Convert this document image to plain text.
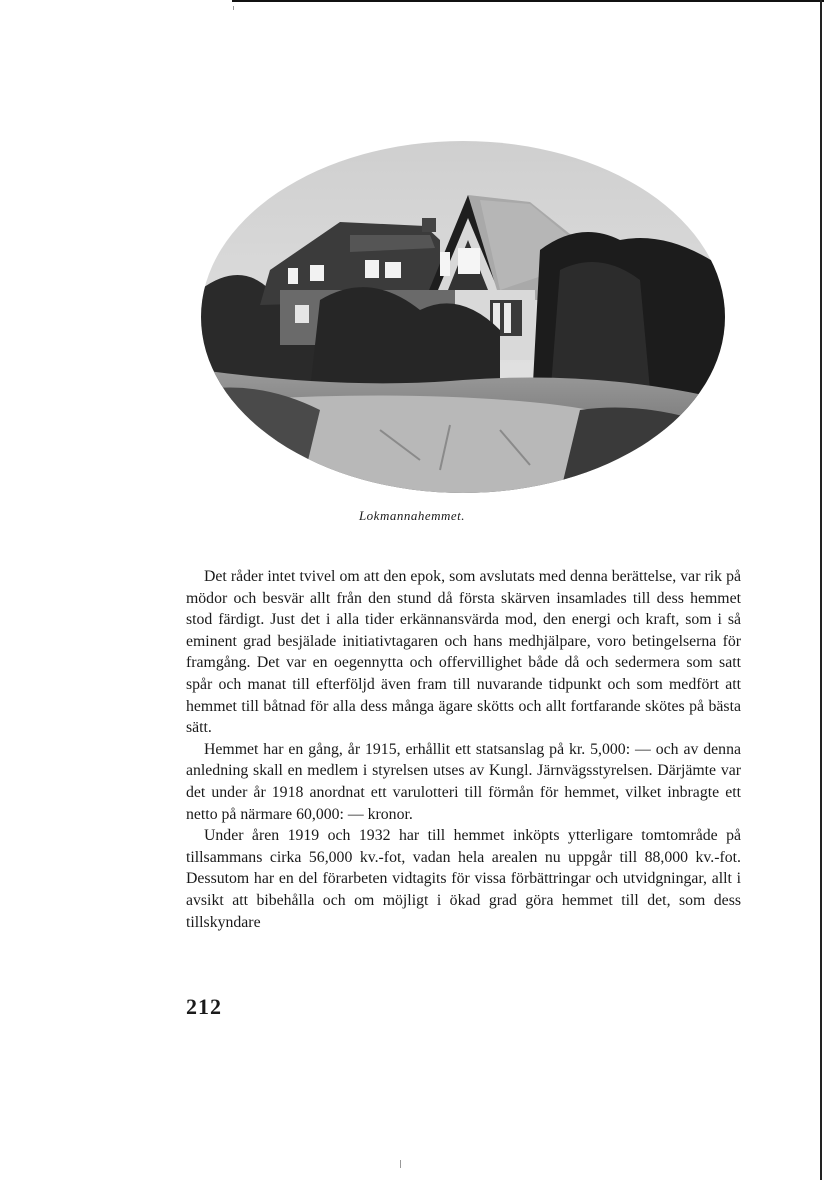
Lokmannahemmet.

Det råder intet tvivel om att den epok, som avslutats med denna berättelse, var rik på mödor och besvär allt från den stund då första skärven insamlades till dess hemmet stod färdigt. Just det i alla tider erkännansvärda mod, den energi och kraft, som i så eminent grad besjälade initiativtagaren och hans medhjälpare, voro betingelserna för framgång. Det var en oegennytta och offervillighet både då och sedermera som satt spår och manat till efterföljd även fram till nuvarande tidpunkt och som medfört att hemmet till båtnad för alla dess många ägare skötts och allt fortfarande skötes på bästa sätt.

Hemmet har en gång, år 1915, erhållit ett statsanslag på kr. 5,000: — och av denna anledning skall en medlem i styrelsen utses av Kungl. Järnvägsstyrelsen. Därjämte var det under år 1918 anordnat ett varulotteri till förmån för hemmet, vilket inbragte ett netto på närmare 60,000: — kronor.

Under åren 1919 och 1932 har till hemmet inköpts ytterligare tomtområde på tillsammans cirka 56,000 kv.-fot, vadan hela arealen nu uppgår till 88,000 kv.-fot. Dessutom har en del förarbeten vidtagits för vissa förbättringar och utvidgningar, allt i avsikt att bibehålla och om möjligt i ökad grad göra hemmet till det, som dess tillskyndare

212
